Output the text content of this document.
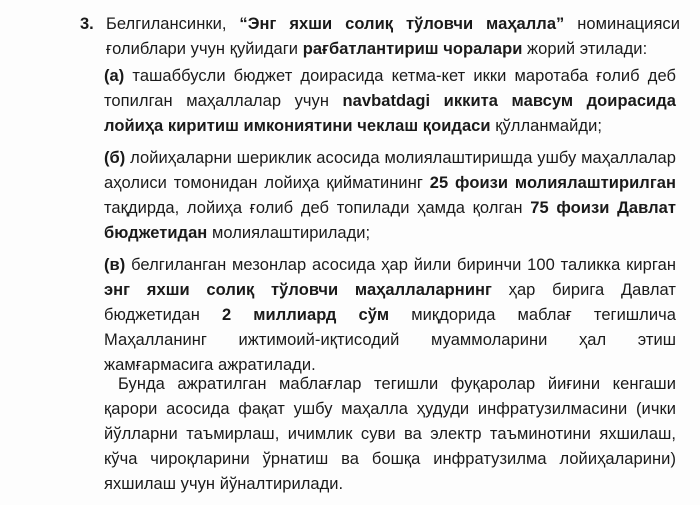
3. Белгилансинки, “Энг яхши солиқ тўловчи маҳалла” номинацияси ғолиблари учун қуйидаги рағбатлантириш чоралари жорий этилади:

(а) ташаббусли бюджет доирасида кетма-кет икки маротаба ғолиб деб топилган маҳаллалар учун navbatdagi иккита мавсум доирасида лойиҳа киритиш имкониятини чеклаш қоидаси қўлланмайди;

(б) лойиҳаларни шериклик асосида молиялаштиришда ушбу маҳаллалар аҳолиси томонидан лойиҳа қийматининг 25 фоизи молиялаштирилган тақдирда, лойиҳа ғолиб деб топилади ҳамда қолган 75 фоизи Давлат бюджетидан молиялаштирилади;

(в) белгиланган мезонлар асосида ҳар йили биринчи 100 таликка кирган энг яхши солиқ тўловчи маҳаллаларнинг ҳар бирига Давлат бюджетидан 2 миллиард сўм миқдорида маблағ тегишлича Маҳалланинг ижтимоий-иқтисодий муаммоларини ҳал этиш жамғармасига ажратилади.

Бунда ажратилган маблағлар тегишли фуқаролар йиғини кенгаши қарори асосида фақат ушбу маҳалла ҳудуди инфратузилмасини (ички йўлларни таъмирлаш, ичимлик суви ва электр таъминотини яхшилаш, кўча чироқларини ўрнатиш ва бошқа инфратузилма лойиҳаларини) яхшилаш учун йўналтирилади.
